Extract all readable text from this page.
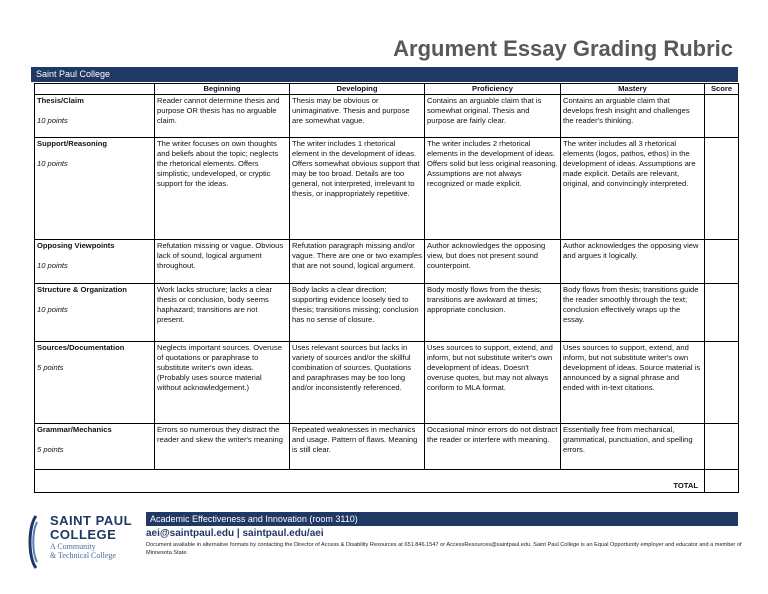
Argument Essay Grading Rubric
Saint Paul College
	Beginning	Developing	Proficiency	Mastery	Score

Thesis/Claim
10 points	Reader cannot determine thesis and purpose OR thesis has no arguable claim.	Thesis may be obvious or unimaginative. Thesis and purpose are somewhat vague.	Contains an arguable claim that is somewhat original. Thesis and purpose are fairly clear.	Contains an arguable claim that develops fresh insight and challenges the reader's thinking.	

Support/Reasoning
10 points	The writer focuses on own thoughts and beliefs about the topic; neglects the rhetorical elements. Offers simplistic, undeveloped, or cryptic support for the ideas.	The writer includes 1 rhetorical element in the development of ideas. Offers somewhat obvious support that may be too broad. Details are too general, not interpreted, irrelevant to thesis, or inappropriately repetitive.	The writer includes 2 rhetorical elements in the development of ideas. Offers solid but less original reasoning. Assumptions are not always recognized or made explicit.	The writer includes all 3 rhetorical elements (logos, pathos, ethos) in the development of ideas. Assumptions are made explicit. Details are relevant, original, and convincingly interpreted.	

Opposing Viewpoints
10 points	Refutation missing or vague. Obvious lack of sound, logical argument throughout.	Refutation paragraph missing and/or vague. There are one or two examples that are not sound, logical argument.	Author acknowledges the opposing view, but does not present sound counterpoint.	Author acknowledges the opposing view and argues it logically.	

Structure & Organization
10 points	Work lacks structure; lacks a clear thesis or conclusion, body seems haphazard; transitions are not present.	Body lacks a clear direction; supporting evidence loosely tied to thesis; transitions missing; conclusion has no sense of closure.	Body mostly flows from the thesis; transitions are awkward at times; appropriate conclusion.	Body flows from thesis; transitions guide the reader smoothly through the text; conclusion effectively wraps up the essay.	

Sources/Documentation
5 points	Neglects important sources. Overuse of quotations or paraphrase to substitute writer's own ideas. (Probably uses source material without acknowledgement.)	Uses relevant sources but lacks in variety of sources and/or the skillful combination of sources. Quotations and paraphrases may be too long and/or inconsistently referenced.	Uses sources to support, extend, and inform, but not substitute writer's own development of ideas. Doesn't overuse quotes, but may not always conform to MLA format.	Uses sources to support, extend, and inform, but not substitute writer's own development of ideas. Source material is announced by a signal phrase and ended with in-text citations.	

Grammar/Mechanics
5 points	Errors so numerous they distract the reader and skew the writer's meaning	Repeated weaknesses in mechanics and usage. Pattern of flaws. Meaning is still clear.	Occasional minor errors do not distract the reader or interfere with meaning.	Essentially free from mechanical, grammatical, punctuation, and spelling errors.	
TOTAL					
SAINT PAUL
COLLEGE
A Community
& Technical College
Academic Effectiveness and Innovation (room 3110)
aei@saintpaul.edu | saintpaul.edu/aei
Document available in alternative formats by contacting the Director of Access & Disability Resources at 651.846.1547 or AccessResources@saintpaul.edu. Saint Paul College is an Equal Opportunity employer and educator and a member of Minnesota State.
